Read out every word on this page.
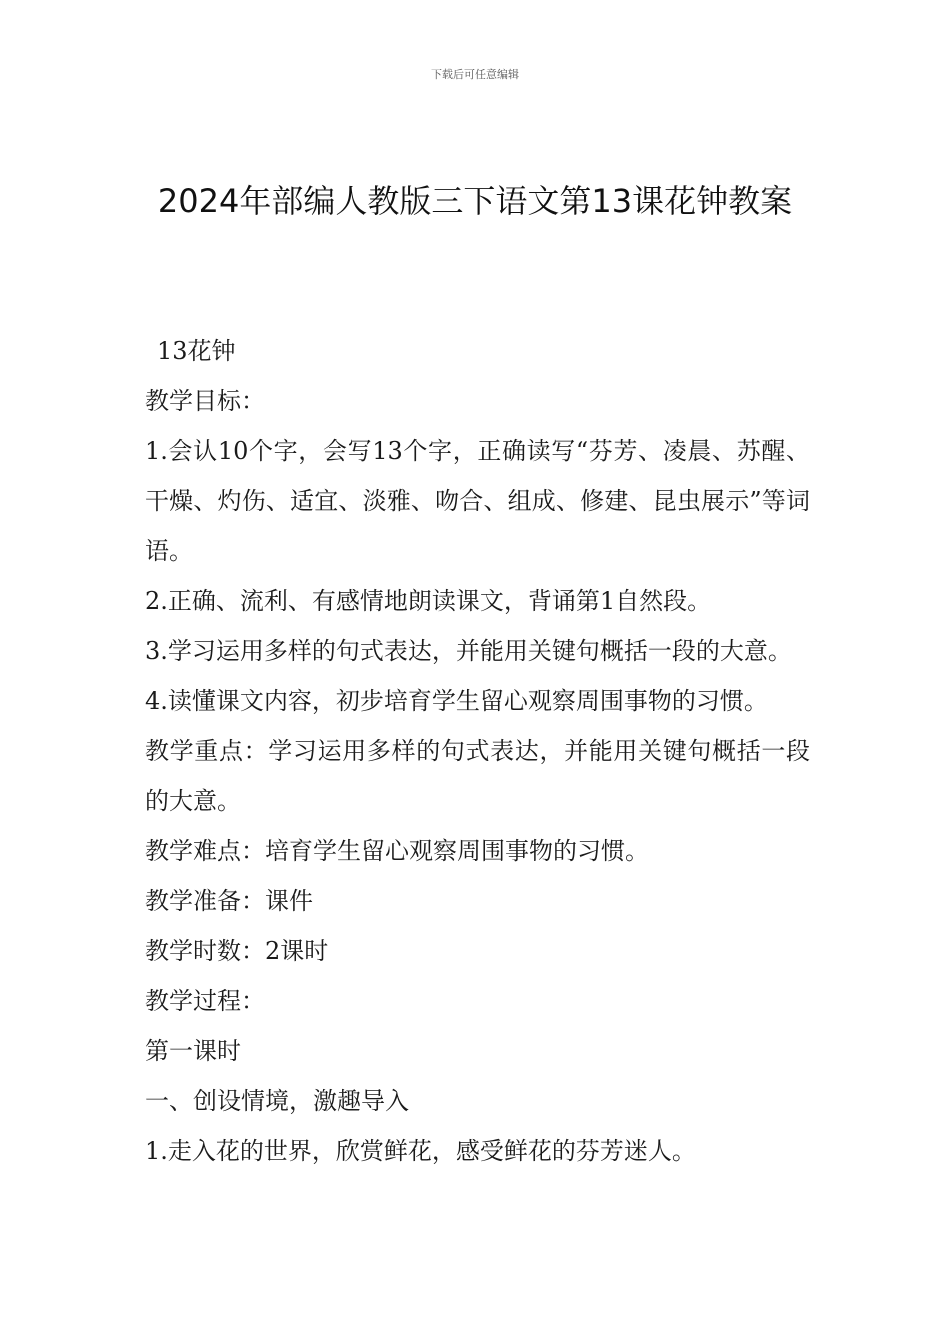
下载后可任意编辑
2024年部编人教版三下语文第13课花钟教案

13花钟

教学目标：

1.会认10个字，会写13个字，正确读写“芬芳、凌晨、苏醒、干燥、灼伤、适宜、淡雅、吻合、组成、修建、昆虫展示”等词语。

2.正确、流利、有感情地朗读课文，背诵第1自然段。

3.学习运用多样的句式表达，并能用关键句概括一段的大意。

4.读懂课文内容，初步培育学生留心观察周围事物的习惯。

教学重点：学习运用多样的句式表达，并能用关键句概括一段的大意。

教学难点：培育学生留心观察周围事物的习惯。

教学准备：课件

教学时数：2课时

教学过程：

第一课时

一、创设情境，激趣导入

1.走入花的世界，欣赏鲜花，感受鲜花的芬芳迷人。
